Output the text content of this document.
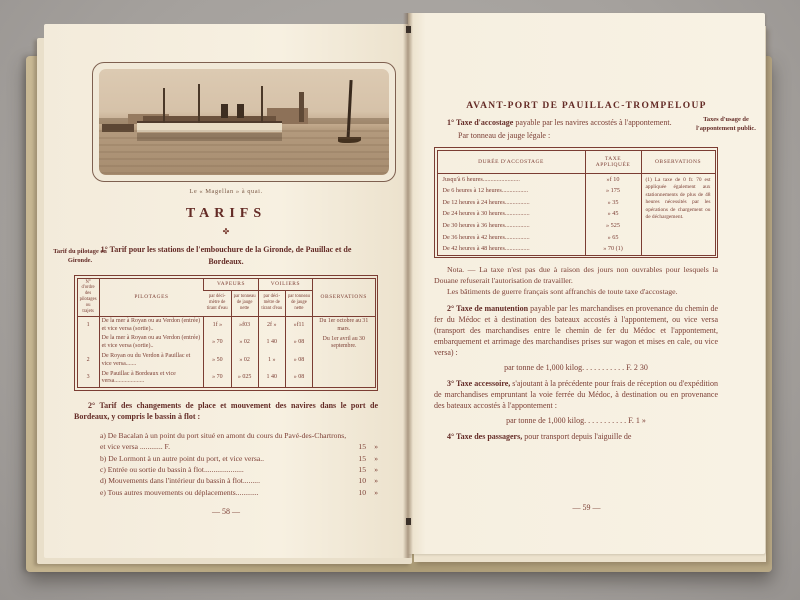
Le « Magellan » à quai.
TARIFS
✤
Tarif du pilotage en Gironde.
1° Tarif pour les stations de l'embouchure de la Gironde, de Pauillac et de Bordeaux.
N° d'ordre des pilotages ou trajets	PILOTAGES	VAPEURS		VOILIERS		OBSERVATIONS
		par déci-mètre de tirant d'eau	par tonneau de jauge nette	par déci-mètre de tirant d'eau	par tonneau de jauge nette	
1	De la mer à Royan ou au Verdon (entrée) et vice versa (sortie)..	1f »	»f03	2f »	»f11	Du 1er octobre au 31 mars.
	De la mer à Royan ou au Verdon (entrée) et vice versa (sortie)..	» 70	» 02	1 40	» 08	Du 1er avril au 30 septembre.
2	De Royan ou du Verdon à Pauillac et vice versa.......	» 50	» 02	1 »	» 08	
3	De Pauillac à Bordeaux et vice versa....................	» 70	» 025	1 40	» 08	
2° Tarif des changements de place et mouvement des navires dans le port de Bordeaux, y compris le bassin à flot :
a) De Bacalan à un point du port situé en amont du cours du Pavé-des-Chartrons, et vice versa ............ F.	15	»
b) De Lormont à un autre point du port, et vice versa..	15	»
c) Entrée ou sortie du bassin à flot.....................	15	»
d) Mouvements dans l'intérieur du bassin à flot.........	10	»
e) Tous autres mouvements ou déplacements............	10	»
— 58 —
AVANT-PORT DE PAUILLAC-TROMPELOUP
Taxes d'usage de l'appontement public.

1° Taxe d'accostage payable par les navires accostés à l'appontement.

Par tonneau de jauge légale :

DURÉE D'ACCOSTAGE	TAXE APPLIQUÉE	OBSERVATIONS
Jusqu'à 6 heures........................	»f 10	(1) La taxe de 0 fr. 70 est appliquée également aux stationnements de plus de 48 heures nécessités par les opérations de chargement ou de déchargement.
De 6 heures à 12 heures.................	» 175	
De 12 heures à 24 heures................	» 35	
De 24 heures à 30 heures................	» 45	
De 30 heures à 36 heures................	» 525	
De 36 heures à 42 heures................	» 65	
De 42 heures à 48 heures................	» 70 (1)	

Nota. — La taxe n'est pas due à raison des jours non ouvrables pour lesquels la Douane refuserait l'autorisation de travailler.

Les bâtiments de guerre français sont affranchis de toute taxe d'accostage.

2° Taxe de manutention payable par les marchandises en provenance du chemin de fer du Médoc et à destination des bateaux accostés à l'appontement, ou vice versa (transport des marchandises entre le chemin de fer du Médoc et l'appontement, embarquement et arrimage des marchandises prises sur wagon et mises en cale, ou vice versa) :

par tonne de 1,000 kilog. . . . . . . . . . . F. 2 30

3° Taxe accessoire, s'ajoutant à la précédente pour frais de réception ou d'expédition de marchandises empruntant la voie ferrée du Médoc, à destination ou en provenance des bateaux accostés à l'appontement :

par tonne de 1,000 kilog. . . . . . . . . . . F. 1 »

4° Taxe des passagers, pour transport depuis l'aiguille de

— 59 —
